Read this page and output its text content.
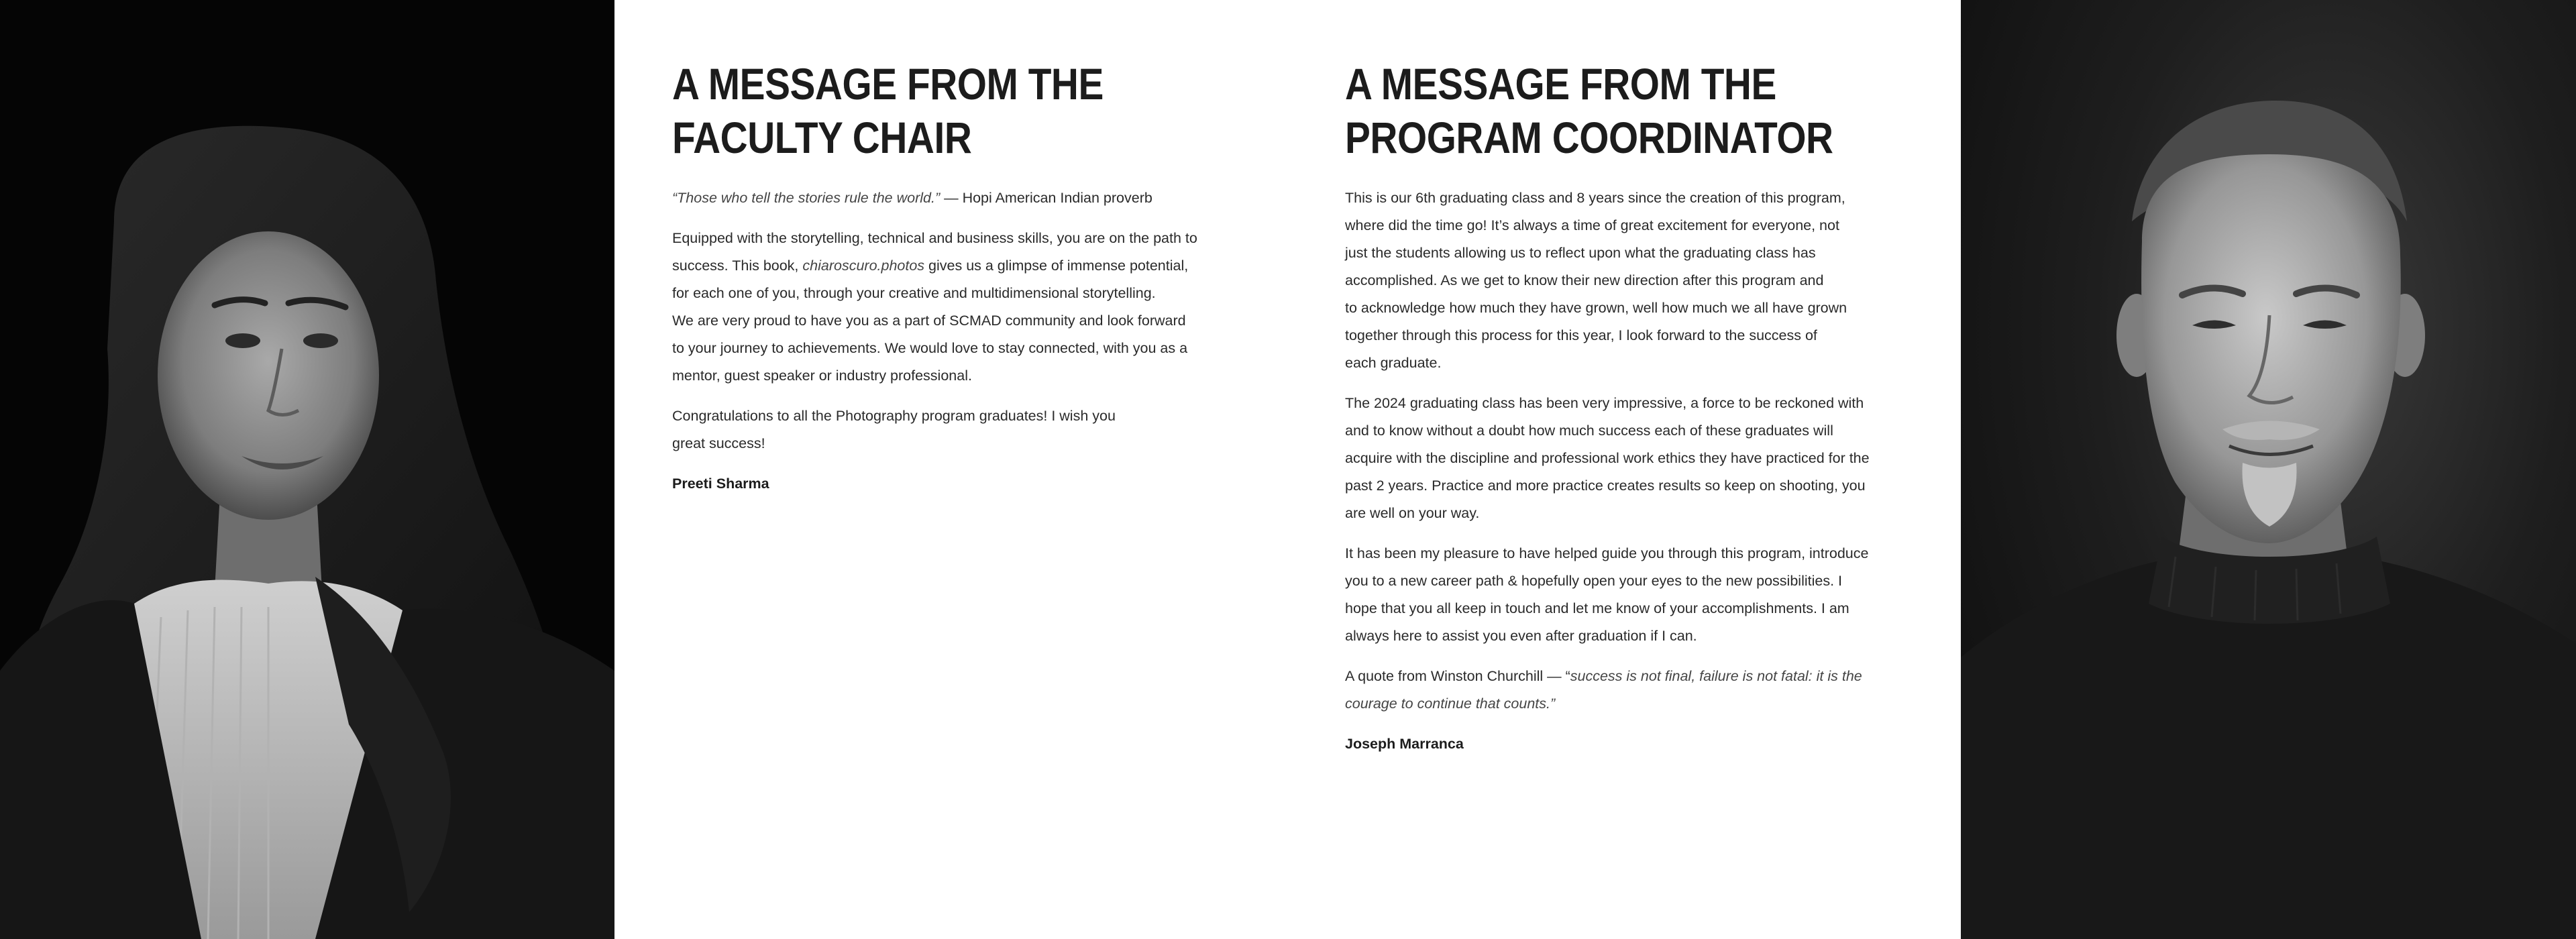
A MESSAGE FROM THE
FACULTY CHAIR

“Those who tell the stories rule the world.” — Hopi American Indian proverb

Equipped with the storytelling, technical and business skills, you are on the path to
success. This book, chiaroscuro.photos gives us a glimpse of immense potential,
for each one of you, through your creative and multidimensional storytelling.
We are very proud to have you as a part of SCMAD community and look forward
to your journey to achievements. We would love to stay connected, with you as a
mentor, guest speaker or industry professional.

Congratulations to all the Photography program graduates! I wish you
great success!

Preeti Sharma

A MESSAGE FROM THE
PROGRAM COORDINATOR

This is our 6th graduating class and 8 years since the creation of this program,
where did the time go! It’s always a time of great excitement for everyone, not
just the students allowing us to reflect upon what the graduating class has
accomplished. As we get to know their new direction after this program and
to acknowledge how much they have grown, well how much we all have grown
together through this process for this year, I look forward to the success of
each graduate.

The 2024 graduating class has been very impressive, a force to be reckoned with
and to know without a doubt how much success each of these graduates will
acquire with the discipline and professional work ethics they have practiced for the
past 2 years. Practice and more practice creates results so keep on shooting, you
are well on your way.

It has been my pleasure to have helped guide you through this program, introduce
you to a new career path & hopefully open your eyes to the new possibilities. I
hope that you all keep in touch and let me know of your accomplishments. I am
always here to assist you even after graduation if I can.

A quote from Winston Churchill — “success is not final, failure is not fatal: it is the
courage to continue that counts.”

Joseph Marranca
